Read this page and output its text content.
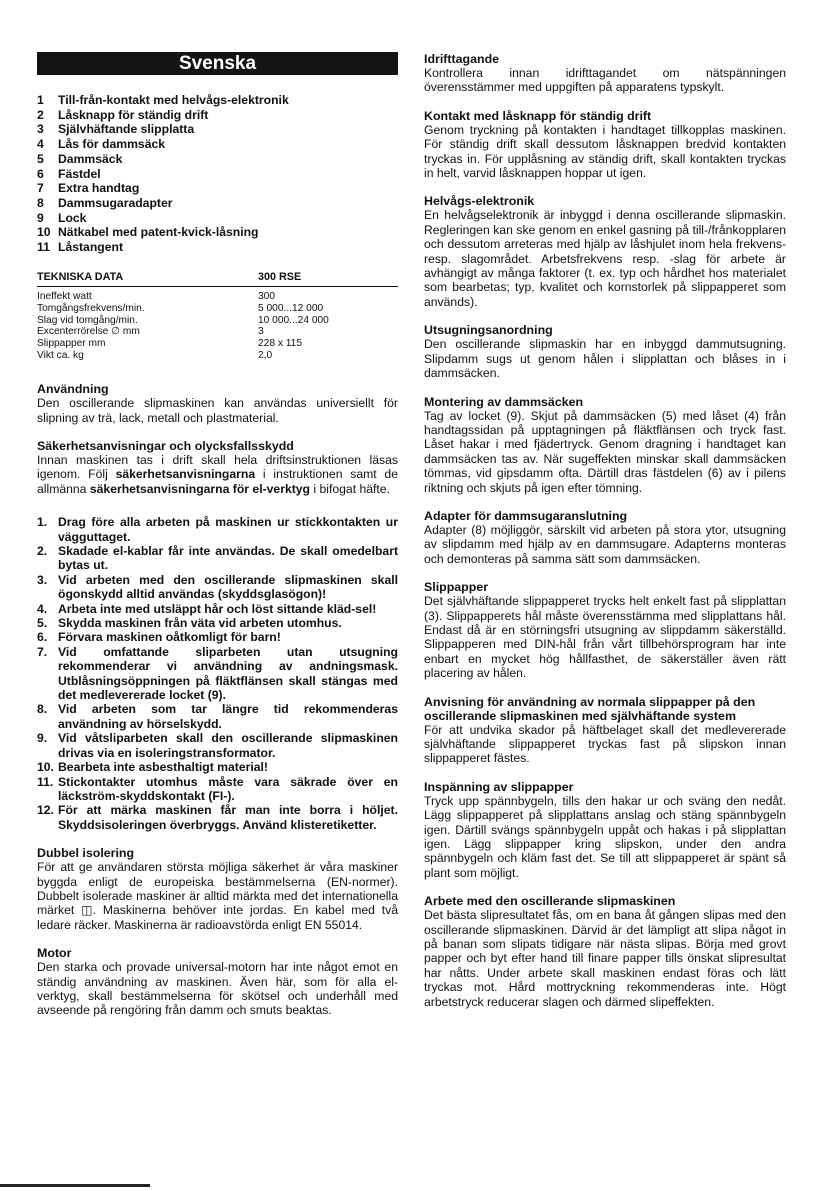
Svenska
1	Till-från-kontakt med helvågs-elektronik
2	Låsknapp för ständig drift
3	Självhäftande slipplatta
4	Lås för dammsäck
5	Dammsäck
6	Fästdel
7	Extra handtag
8	Dammsugaradapter
9	Lock
10 Nätkabel med patent-kvick-låsning
11 Låstangent
TEKNISKA DATA	300 RSE
Ineffekt watt	300
Tomgångsfrekvens/min.	5 000...12 000
Slag vid tomgång/min.	10 000...24 000
Excenterrörelse ∅ mm	3
Slippapper mm	228 x 115
Vikt ca. kg	2,0
Användning

Den oscillerande slipmaskinen kan användas universiellt för slipning av trä, lack, metall och plastmaterial.

Säkerhetsanvisningar och olycksfallsskydd

Innan maskinen tas i drift skall hela driftsinstruktionen läsas igenom. Följ säkerhetsanvisningarna i instruktionen samt de allmänna säkerhetsanvisningarna för el-verktyg i bifogat häfte.

1. Drag före alla arbeten på maskinen ur stickkontakten ur vägguttaget.
2. Skadade el-kablar får inte användas. De skall omedelbart bytas ut.
3. Vid arbeten med den oscillerande slipmaskinen skall ögonskydd alltid användas (skyddsglasögon)!
4. Arbeta inte med utsläppt hår och löst sittande kläd-sel!
5. Skydda maskinen från väta vid arbeten utomhus.
6. Förvara maskinen oåtkomligt för barn!
7. Vid omfattande sliparbeten utan utsugning rekommenderar vi användning av andningsmask. Utblåsningsöppningen på fläktflänsen skall stängas med det medlevererade locket (9).
8. Vid arbeten som tar längre tid rekommenderas användning av hörselskydd.
9. Vid våtsliparbeten skall den oscillerande slipmaskinen drivas via en isoleringstransformator.
10. Bearbeta inte asbesthaltigt material!
11. Stickontakter utomhus måste vara säkrade över en läckström-skyddskontakt (FI-).
12. För att märka maskinen får man inte borra i höljet. Skyddsisoleringen överbryggs. Använd klisteretiketter.
Dubbel isolering

För att ge användaren största möjliga säkerhet är våra maskiner byggda enligt de europeiska bestämmelserna (EN-normer). Dubbelt isolerade maskiner är alltid märkta med det internationella märket ◫. Maskinerna behöver inte jordas. En kabel med två ledare räcker. Maskinerna är radioavstörda enligt EN 55014.

Motor

Den starka och provade universal-motorn har inte något emot en ständig användning av maskinen. Även här, som för alla el-verktyg, skall bestämmelserna för skötsel och underhåll med avseende på rengöring från damm och smuts beaktas.

Idrifttagande

Kontrollera innan idrifttagandet om nätspänningen överensstämmer med uppgiften på apparatens typskylt.

Kontakt med låsknapp för ständig drift

Genom tryckning på kontakten i handtaget tillkopplas maskinen. För ständig drift skall dessutom låsknappen bredvid kontakten tryckas in. För upplåsning av ständig drift, skall kontakten tryckas in helt, varvid låsknappen hoppar ut igen.

Helvågs-elektronik

En helvågselektronik är inbyggd i denna oscillerande slipmaskin. Regleringen kan ske genom en enkel gasning på till-/frånkopplaren och dessutom arreteras med hjälp av låshjulet inom hela frekvens- resp. slagområdet. Arbetsfrekvens resp. -slag för arbete är avhängigt av många faktorer (t. ex. typ och hårdhet hos materialet som bearbetas; typ, kvalitet och kornstorlek på slippapperet som används).

Utsugningsanordning

Den oscillerande slipmaskin har en inbyggd dammutsugning. Slipdamm sugs ut genom hålen i slipplattan och blåses in i dammsäcken.

Montering av dammsäcken

Tag av locket (9). Skjut på dammsäcken (5) med låset (4) från handtagssidan på upptagningen på fläktflänsen och tryck fast. Låset hakar i med fjädertryck. Genom dragning i handtaget kan dammsäcken tas av. När sugeffekten minskar skall dammsäcken tömmas, vid gipsdamm ofta. Därtill dras fästdelen (6) av i pilens riktning och skjuts på igen efter tömning.

Adapter för dammsugaranslutning

Adapter (8) möjliggör, särskilt vid arbeten på stora ytor, utsugning av slipdamm med hjälp av en dammsugare. Adapterns monteras och demonteras på samma sätt som dammsäcken.

Slippapper

Det självhäftande slippapperet trycks helt enkelt fast på slipplattan (3). Slippapperets hål måste överensstämma med slipplattans hål. Endast då är en störningsfri utsugning av slippdamm säkerställd. Slippapperen med DIN-hål från vårt tillbehörsprogram har inte enbart en mycket hög hållfasthet, de säkerställer även rätt placering av hålen.

Anvisning för användning av normala slippapper på den oscillerande slipmaskinen med självhäftande system

För att undvika skador på häftbelaget skall det medlevererade självhäftande slippapperet tryckas fast på slipskon innan slippapperet fästes.

Inspänning av slippapper

Tryck upp spännbygeln, tills den hakar ur och sväng den nedåt. Lägg slippapperet på slipplattans anslag och stäng spännbygeln igen. Därtill svängs spännbygeln uppåt och hakas i på slipplattan igen. Lägg slippapper kring slipskon, under den andra spännbygeln och kläm fast det. Se till att slippapperet är spänt så plant som möjligt.

Arbete med den oscillerande slipmaskinen

Det bästa slipresultatet fås, om en bana åt gången slipas med den oscillerande slipmaskinen. Därvid är det lämpligt att slipa något in på banan som slipats tidigare när nästa slipas. Börja med grovt papper och byt efter hand till finare papper tills önskat slipresultat har nåtts. Under arbete skall maskinen endast föras och lätt tryckas mot. Hård mottryckning rekommenderas inte. Högt arbetstryck reducerar slagen och därmed slipeffekten.
